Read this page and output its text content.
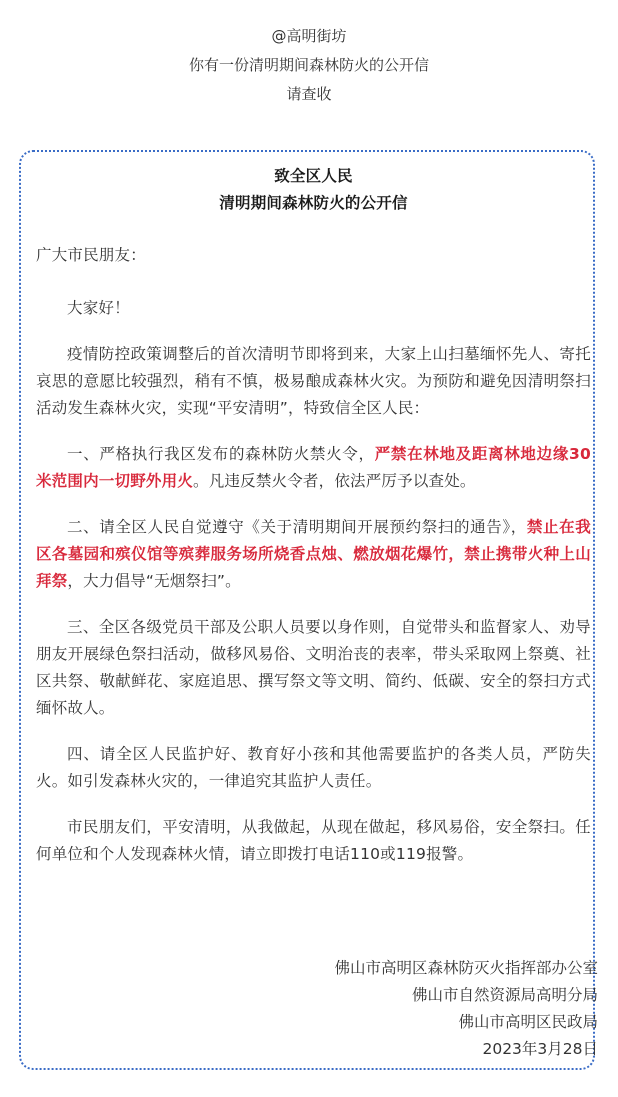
@高明街坊
你有一份清明期间森林防火的公开信
请查收
致全区人民
清明期间森林防火的公开信
广大市民朋友：
大家好！
疫情防控政策调整后的首次清明节即将到来，大家上山扫墓缅怀先人、寄托哀思的意愿比较强烈，稍有不慎，极易酿成森林火灾。为预防和避免因清明祭扫活动发生森林火灾，实现“平安清明”，特致信全区人民：
一、严格执行我区发布的森林防火禁火令，严禁在林地及距离林地边缘30米范围内一切野外用火。凡违反禁火令者，依法严厉予以查处。
二、请全区人民自觉遵守《关于清明期间开展预约祭扫的通告》，禁止在我区各墓园和殡仪馆等殡葬服务场所烧香点烛、燃放烟花爆竹，禁止携带火种上山拜祭，大力倡导“无烟祭扫”。
三、全区各级党员干部及公职人员要以身作则，自觉带头和监督家人、劝导朋友开展绿色祭扫活动，做移风易俗、文明治丧的表率，带头采取网上祭奠、社区共祭、敬献鲜花、家庭追思、撰写祭文等文明、简约、低碳、安全的祭扫方式缅怀故人。
四、请全区人民监护好、教育好小孩和其他需要监护的各类人员，严防失火。如引发森林火灾的，一律追究其监护人责任。
市民朋友们，平安清明，从我做起，从现在做起，移风易俗，安全祭扫。任何单位和个人发现森林火情，请立即拨打电话110或119报警。
佛山市高明区森林防灭火指挥部办公室
佛山市自然资源局高明分局
佛山市高明区民政局
2023年3月28日
